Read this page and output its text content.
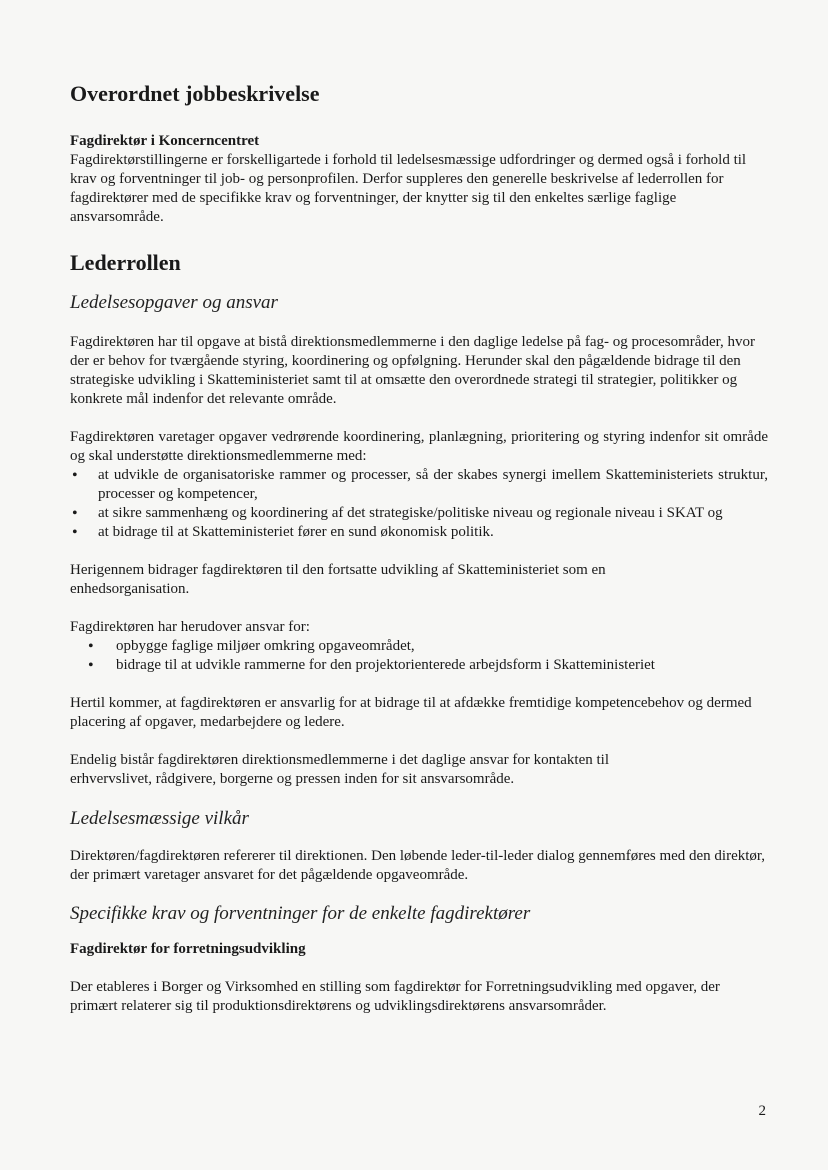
Overordnet jobbeskrivelse

Fagdirektør i Koncerncentret

Fagdirektørstillingerne er forskelligartede i forhold til ledelsesmæssige udfordringer og dermed også i forhold til krav og forventninger til job- og personprofilen. Derfor suppleres den generelle beskrivelse af lederrollen for fagdirektører med de specifikke krav og forventninger, der knytter sig til den enkeltes særlige faglige ansvarsområde.

Lederrollen
Ledelsesopgaver og ansvar

Fagdirektøren har til opgave at bistå direktionsmedlemmerne i den daglige ledelse på fag- og procesområder, hvor der er behov for tværgående styring, koordinering og opfølgning. Herunder skal den pågældende bidrage til den strategiske udvikling i Skatteministeriet samt til at omsætte den overordnede strategi til strategier, politikker og konkrete mål indenfor det relevante område.

Fagdirektøren varetager opgaver vedrørende koordinering, planlægning, prioritering og styring indenfor sit område og skal understøtte direktionsmedlemmerne med:

• at udvikle de organisatoriske rammer og processer, så der skabes synergi imellem Skatteministeriets struktur, processer og kompetencer,
• at sikre sammenhæng og koordinering af det strategiske/politiske niveau og regionale niveau i SKAT og
• at bidrage til at Skatteministeriet fører en sund økonomisk politik.

Herigennem bidrager fagdirektøren til den fortsatte udvikling af Skatteministeriet som en enhedsorganisation.

Fagdirektøren har herudover ansvar for:

• opbygge faglige miljøer omkring opgaveområdet,
• bidrage til at udvikle rammerne for den projektorienterede arbejdsform i Skatteministeriet

Hertil kommer, at fagdirektøren er ansvarlig for at bidrage til at afdække fremtidige kompetencebehov og dermed placering af opgaver, medarbejdere og ledere.

Endelig bistår fagdirektøren direktionsmedlemmerne i det daglige ansvar for kontakten til erhvervslivet, rådgivere, borgerne og pressen inden for sit ansvarsområde.

Ledelsesmæssige vilkår

Direktøren/fagdirektøren refererer til direktionen. Den løbende leder-til-leder dialog gennemføres med den direktør, der primært varetager ansvaret for det pågældende opgaveområde.

Specifikke krav og forventninger for de enkelte fagdirektører

Fagdirektør for forretningsudvikling

Der etableres i Borger og Virksomhed en stilling som fagdirektør for Forretningsudvikling med opgaver, der primært relaterer sig til produktionsdirektørens og udviklingsdirektørens ansvarsområder.

2
